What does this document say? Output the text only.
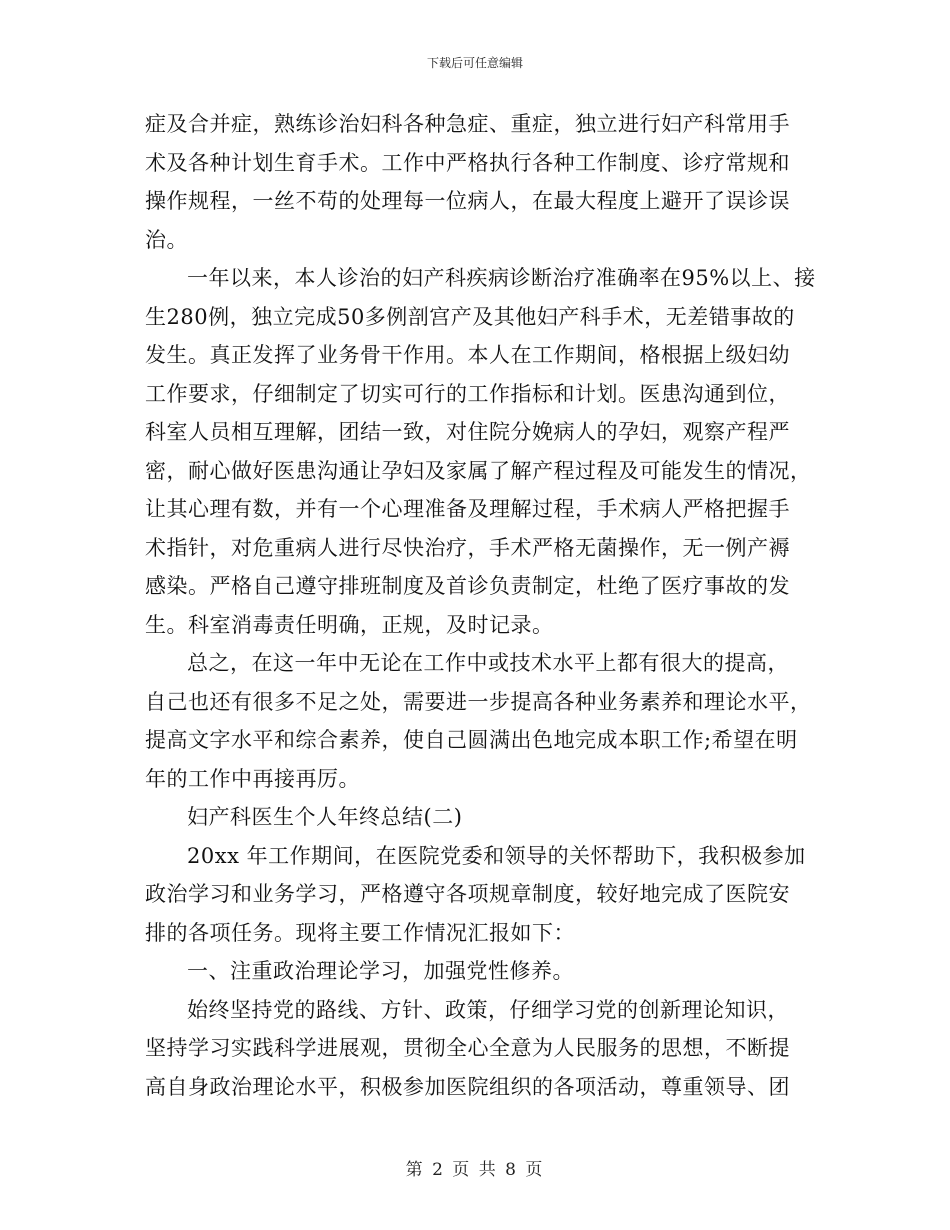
下载后可任意编辑
症及合并症，熟练诊治妇科各种急症、重症，独立进行妇产科常用手
术及各种计划生育手术。工作中严格执行各种工作制度、诊疗常规和
操作规程，一丝不苟的处理每一位病人，在最大程度上避开了误诊误
治。
一年以来，本人诊治的妇产科疾病诊断治疗准确率在95%以上、接
生280例，独立完成50多例剖宫产及其他妇产科手术，无差错事故的
发生。真正发挥了业务骨干作用。本人在工作期间，格根据上级妇幼
工作要求，仔细制定了切实可行的工作指标和计划。医患沟通到位，
科室人员相互理解，团结一致，对住院分娩病人的孕妇，观察产程严
密，耐心做好医患沟通让孕妇及家属了解产程过程及可能发生的情况，
让其心理有数，并有一个心理准备及理解过程，手术病人严格把握手
术指针，对危重病人进行尽快治疗，手术严格无菌操作，无一例产褥
感染。严格自己遵守排班制度及首诊负责制定，杜绝了医疗事故的发
生。科室消毒责任明确，正规，及时记录。
总之，在这一年中无论在工作中或技术水平上都有很大的提高，
自己也还有很多不足之处，需要进一步提高各种业务素养和理论水平，
提高文字水平和综合素养，使自己圆满出色地完成本职工作;希望在明
年的工作中再接再厉。
妇产科医生个人年终总结(二)
20xx 年工作期间，在医院党委和领导的关怀帮助下，我积极参加
政治学习和业务学习，严格遵守各项规章制度，较好地完成了医院安
排的各项任务。现将主要工作情况汇报如下：
一、注重政治理论学习，加强党性修养。
始终坚持党的路线、方针、政策，仔细学习党的创新理论知识，
坚持学习实践科学进展观，贯彻全心全意为人民服务的思想，不断提
高自身政治理论水平，积极参加医院组织的各项活动，尊重领导、团
第 2 页 共 8 页
